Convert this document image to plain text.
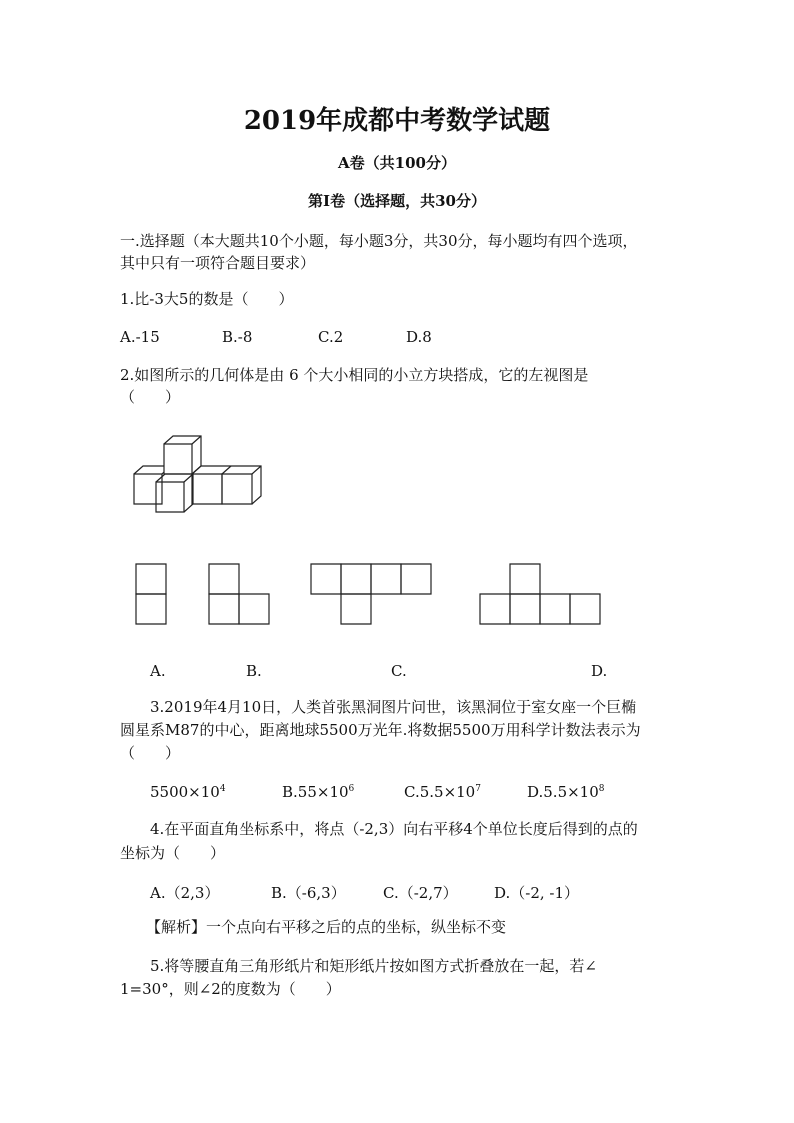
2019年成都中考数学试题
A卷（共100分）
第I卷（选择题，共30分）
一.选择题（本大题共10个小题，每小题3分，共30分，每小题均有四个选项，
其中只有一项符合题目要求）
1.比-3大5的数是（　　）
A.-15	B.-8	C.2	D.8
2.如图所示的几何体是由 6 个大小相同的小立方块搭成，它的左视图是
（　　）
A.	B.	C.	D.
3.2019年4月10日，人类首张黑洞图片问世，该黑洞位于室女座一个巨椭
圆星系M87的中心，距离地球5500万光年.将数据5500万用科学计数法表示为
（　　）
$5500\times 10^4$	$B.55\times 10^6$	$C.5.5\times 10^7$	$D.5.5\times 10^8$
4.在平面直角坐标系中，将点（-2,3）向右平移4个单位长度后得到的点的
坐标为（　　）
A.（2,3）	B.（-6,3） C.（-2,7） D.（-2, -1）
【解析】一个点向右平移之后的点的坐标，纵坐标不变
5.将等腰直角三角形纸片和矩形纸片按如图方式折叠放在一起，若∠
1=30°，则∠2的度数为（　　）
